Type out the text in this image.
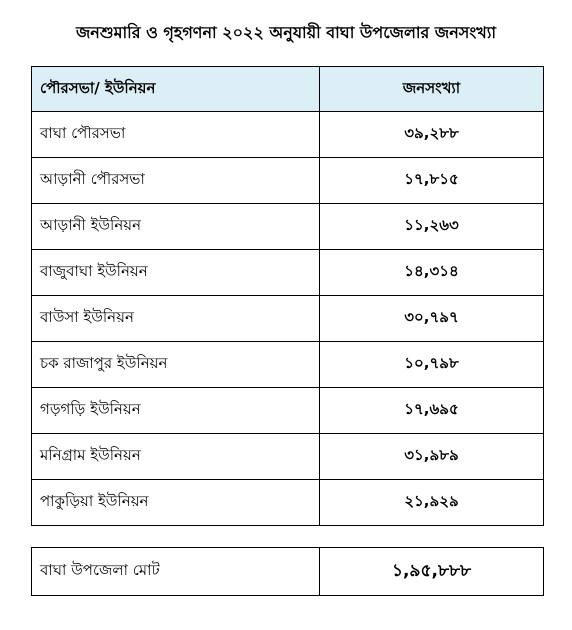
জনশুমারি ও গৃহগণনা ২০২২ অনুযায়ী বাঘা উপজেলার জনসংখ্যা
পৌরসভা/ ইউনিয়ন	জনসংখ্যা
বাঘা পৌরসভা	৩৯,২৮৮
আড়ানী পৌরসভা	১৭,৮১৫
আড়ানী ইউনিয়ন	১১,২৬৩
বাজুবাঘা ইউনিয়ন	১৪,৩১৪
বাউসা ইউনিয়ন	৩০,৭৯৭
চক রাজাপুর ইউনিয়ন	১০,৭৯৮
গড়গড়ি ইউনিয়ন	১৭,৬৯৫
মনিগ্রাম ইউনিয়ন	৩১,৯৮৯
পাকুড়িয়া ইউনিয়ন	২১,৯২৯
বাঘা উপজেলা মোট	১,৯৫,৮৮৮
